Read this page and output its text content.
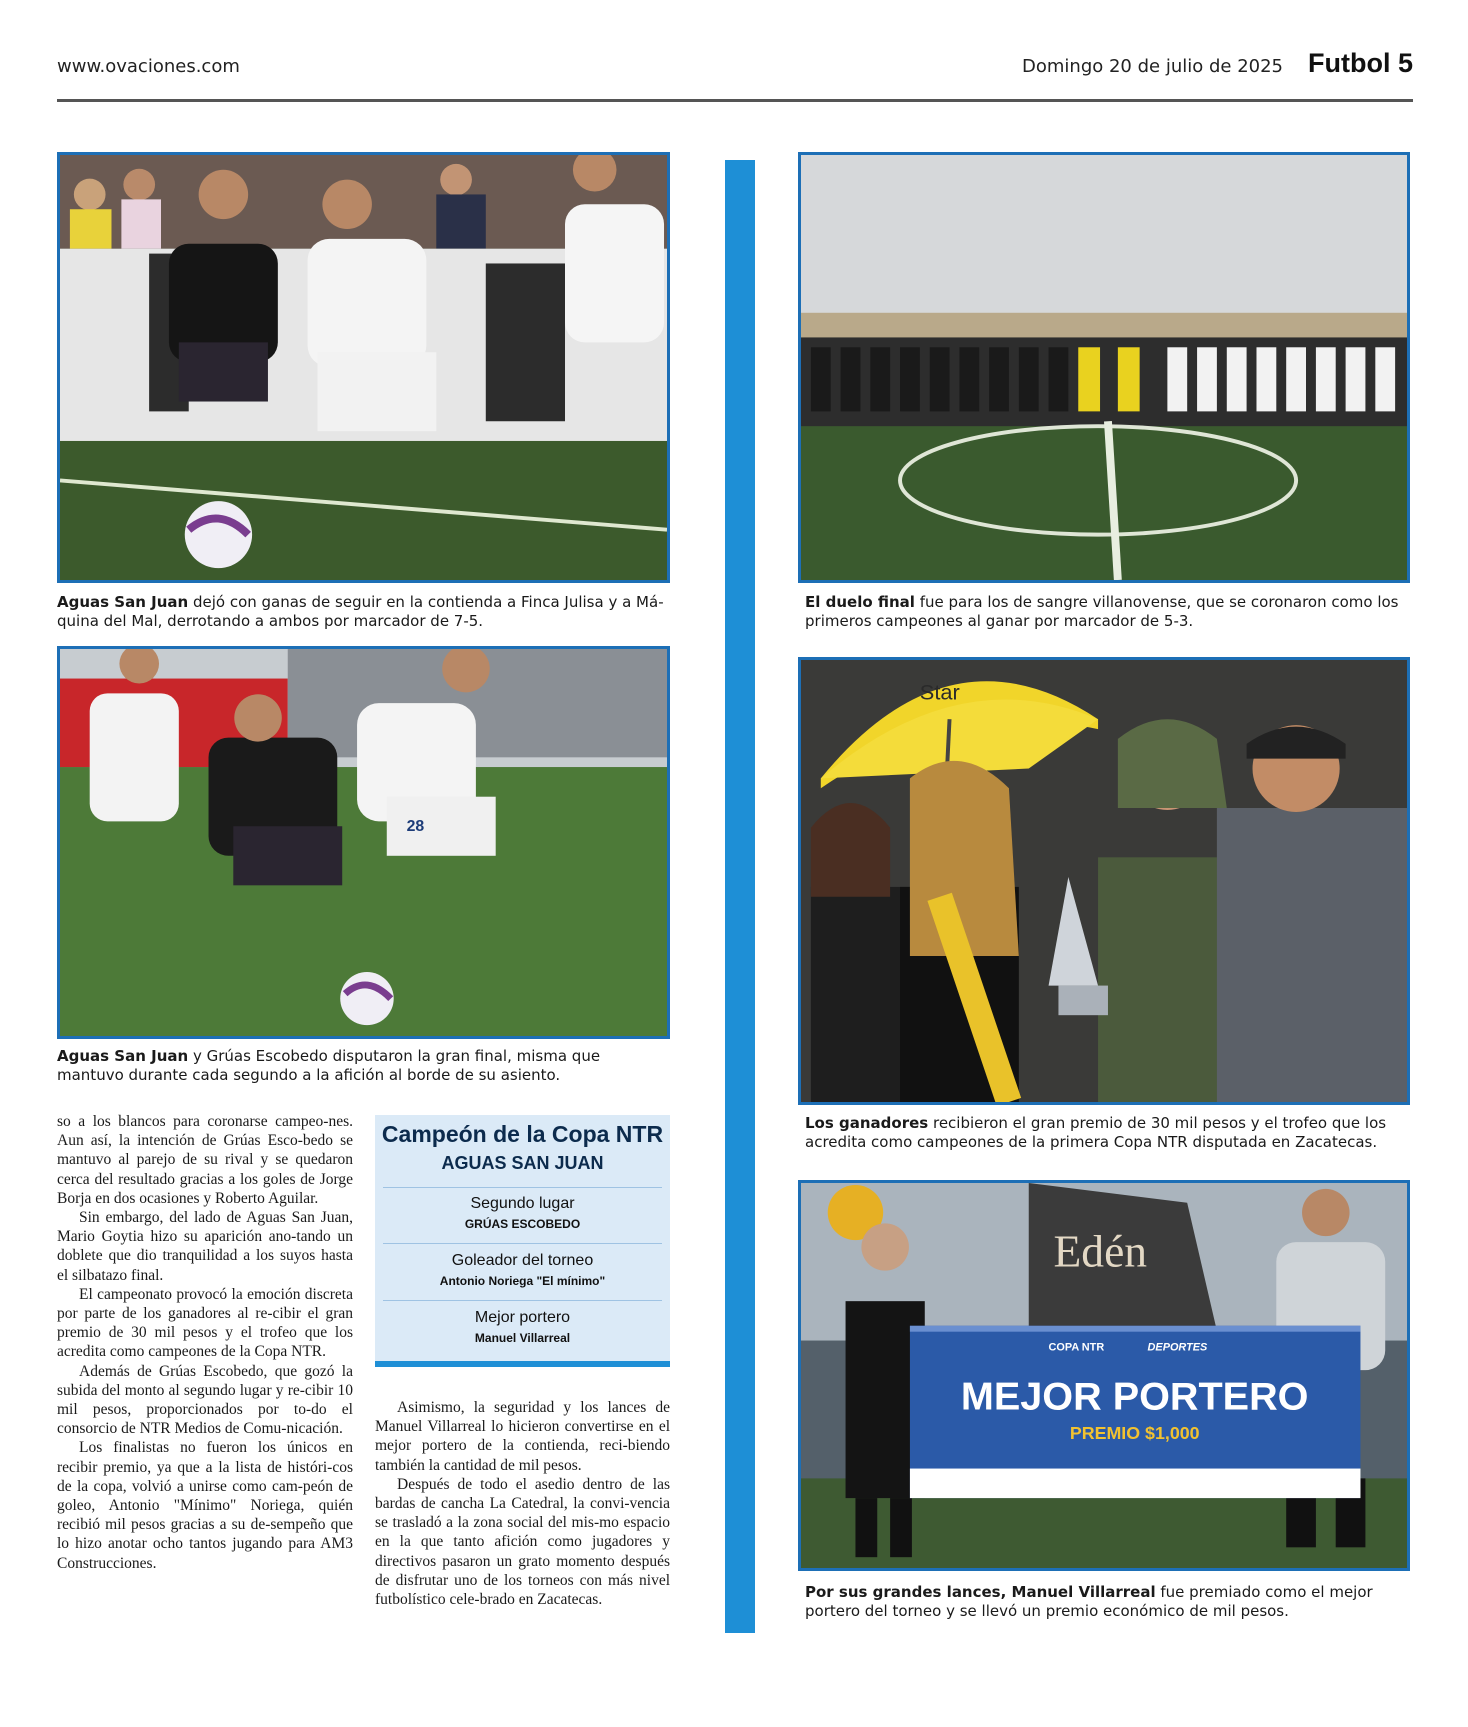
www.ovaciones.com	Domingo 20 de julio de 2025 Futbol 5
Aguas San Juan dejó con ganas de seguir en la contienda a Finca Julisa y a Má-quina del Mal, derrotando a ambos por marcador de 7-5.
28
Aguas San Juan y Grúas Escobedo disputaron la gran final, misma que mantuvo durante cada segundo a la afición al borde de su asiento.
El duelo final fue para los de sangre villanovense, que se coronaron como los primeros campeones al ganar por marcador de 5-3.
Star
Los ganadores recibieron el gran premio de 30 mil pesos y el trofeo que los acredita como campeones de la primera Copa NTR disputada en Zacatecas.
Edén
COPA NTR	DEPORTES
MEJOR PORTERO
PREMIO $1,000
Por sus grandes lances, Manuel Villarreal fue premiado como el mejor portero del torneo y se llevó un premio económico de mil pesos.

so a los blancos para coronarse campeo-nes. Aun así, la intención de Grúas Esco-bedo se mantuvo al parejo de su rival y se quedaron cerca del resultado gracias a los goles de Jorge Borja en dos ocasiones y Roberto Aguilar.

Sin embargo, del lado de Aguas San Juan, Mario Goytia hizo su aparición ano-tando un doblete que dio tranquilidad a los suyos hasta el silbatazo final.

El campeonato provocó la emoción discreta por parte de los ganadores al re-cibir el gran premio de 30 mil pesos y el trofeo que los acredita como campeones de la Copa NTR.

Además de Grúas Escobedo, que gozó la subida del monto al segundo lugar y re-cibir 10 mil pesos, proporcionados por to-do el consorcio de NTR Medios de Comu-nicación.

Los finalistas no fueron los únicos en recibir premio, ya que a la lista de históri-cos de la copa, volvió a unirse como cam-peón de goleo, Antonio "Mínimo" Noriega, quién recibió mil pesos gracias a su de-sempeño que lo hizo anotar ocho tantos jugando para AM3 Construcciones.

Campeón de la Copa NTR
AGUAS SAN JUAN
Segundo lugar
GRÚAS ESCOBEDO
Goleador del torneo
Antonio Noriega "El mínimo"
Mejor portero
Manuel Villarreal

Asimismo, la seguridad y los lances de Manuel Villarreal lo hicieron convertirse en el mejor portero de la contienda, reci-biendo también la cantidad de mil pesos.

Después de todo el asedio dentro de las bardas de cancha La Catedral, la convi-vencia se trasladó a la zona social del mis-mo espacio en la que tanto afición como jugadores y directivos pasaron un grato momento después de disfrutar uno de los torneos con más nivel futbolístico cele-brado en Zacatecas.
